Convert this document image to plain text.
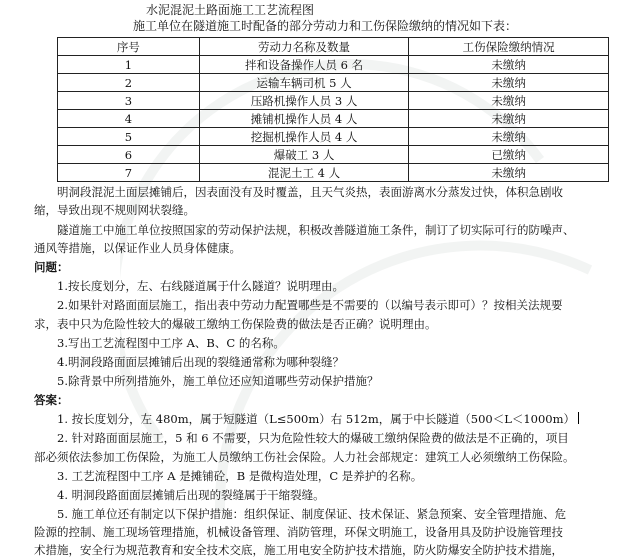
水泥混泥土路面施工工艺流程图
施工单位在隧道施工时配备的部分劳动力和工伤保险缴纳的情况如下表：
序号	劳动力名称及数量	工伤保险缴纳情况
1	拌和设备操作人员 6 名	未缴纳
2	运输车辆司机 5 人	未缴纳
3	压路机操作人员 3 人	未缴纳
4	摊铺机操作人员 4 人	未缴纳
5	挖掘机操作人员 4 人	未缴纳
6	爆破工 3 人	已缴纳
7	混泥土工 4 人	未缴纳
明洞段混泥土面层摊铺后，因表面没有及时覆盖，且天气炎热，表面游离水分蒸发过快，体积急剧收
缩，导致出现不规则网状裂缝。
隧道施工中施工单位按照国家的劳动保护法规，积极改善隧道施工条件，制订了切实际可行的防噪声、
通风等措施，以保证作业人员身体健康。
问题：
1.按长度划分，左、右线隧道属于什么隧道？说明理由。
2.如果针对路面面层施工，指出表中劳动力配置哪些是不需要的（以编号表示即可）？按相关法规要
求，表中只为危险性较大的爆破工缴纳工伤保险费的做法是否正确？说明理由。
3.写出工艺流程图中工序 A、B、C 的名称。
4.明洞段路面面层摊铺后出现的裂缝通常称为哪种裂缝？
5.除背景中所列措施外，施工单位还应知道哪些劳动保护措施？
答案：
1. 按长度划分，左 480m，属于短隧道（L≤500m）右 512m，属于中长隧道（500＜L＜1000m）
2. 针对路面面层施工，5 和 6 不需要，只为危险性较大的爆破工缴纳保险费的做法是不正确的，项目
部必须依法参加工伤保险，为施工人员缴纳工伤社会保险。人力社会部规定：建筑工人必须缴纳工伤保险。
3. 工艺流程图中工序 A 是摊铺砼，B 是微构造处理，C 是养护的名称。
4. 明洞段路面面层摊铺后出现的裂缝属于干缩裂缝。
5. 施工单位还有制定以下保护措施：组织保证、制度保证、技术保证、紧急预案、安全管理措施、危
险源的控制、施工现场管理措施，机械设备管理、消防管理，环保文明施工，设备用具及防护设施管理技
术措施，安全行为规范教育和安全技术交底，施工用电安全防护技术措施，防火防爆安全防护技术措施，
